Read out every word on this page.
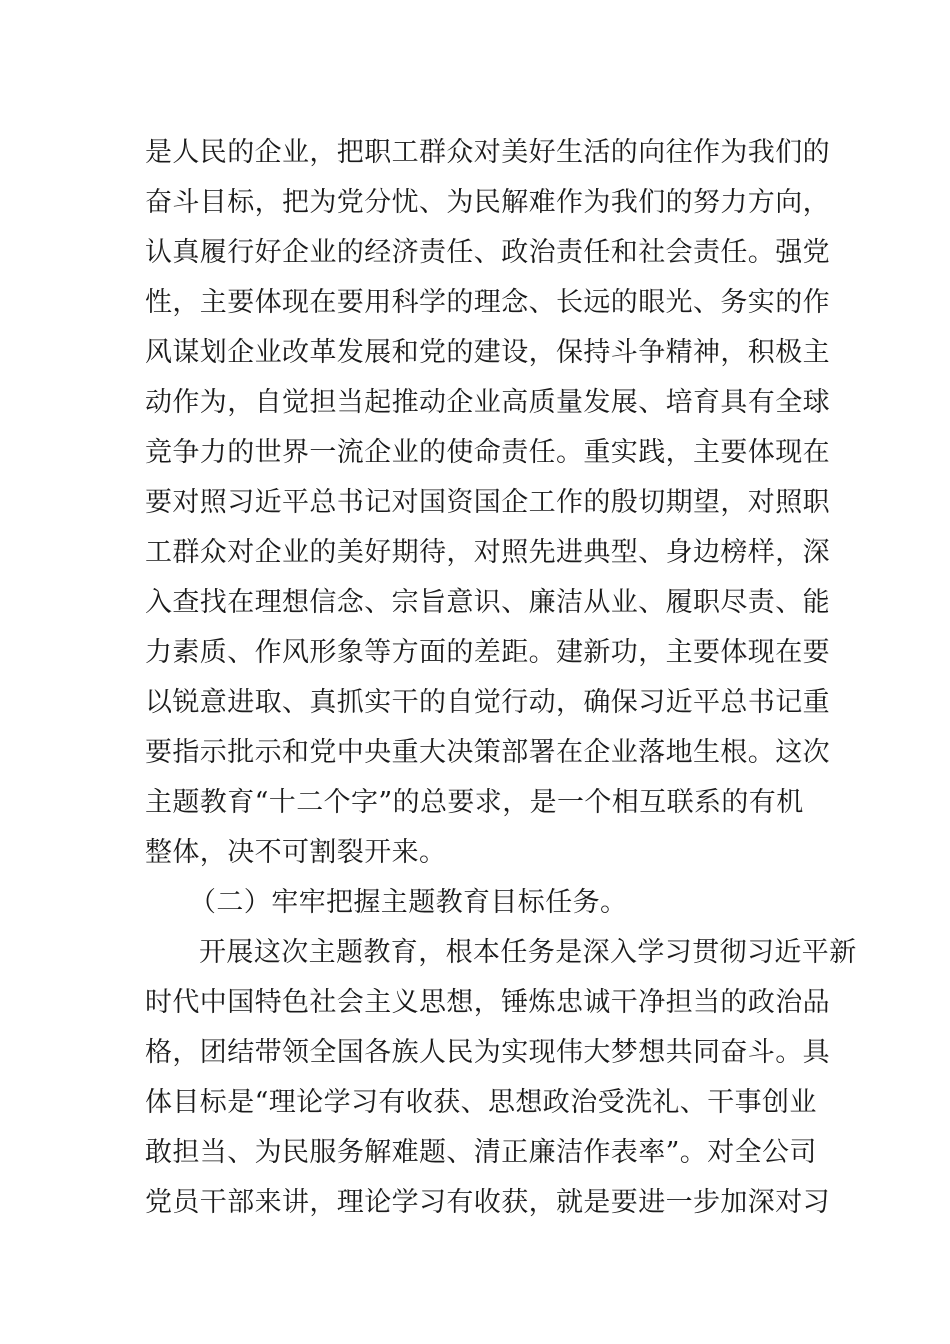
是人民的企业，把职工群众对美好生活的向往作为我们的
奋斗目标，把为党分忧、为民解难作为我们的努力方向，
认真履行好企业的经济责任、政治责任和社会责任。强党
性，主要体现在要用科学的理念、长远的眼光、务实的作
风谋划企业改革发展和党的建设，保持斗争精神，积极主
动作为，自觉担当起推动企业高质量发展、培育具有全球
竞争力的世界一流企业的使命责任。重实践，主要体现在
要对照习近平总书记对国资国企工作的殷切期望，对照职
工群众对企业的美好期待，对照先进典型、身边榜样，深
入查找在理想信念、宗旨意识、廉洁从业、履职尽责、能
力素质、作风形象等方面的差距。建新功，主要体现在要
以锐意进取、真抓实干的自觉行动，确保习近平总书记重
要指示批示和党中央重大决策部署在企业落地生根。这次
主题教育“十二个字”的总要求，是一个相互联系的有机
整体，决不可割裂开来。
（二）牢牢把握主题教育目标任务。
开展这次主题教育，根本任务是深入学习贯彻习近平新
时代中国特色社会主义思想，锤炼忠诚干净担当的政治品
格，团结带领全国各族人民为实现伟大梦想共同奋斗。具
体目标是“理论学习有收获、思想政治受洗礼、干事创业
敢担当、为民服务解难题、清正廉洁作表率”。对全公司
党员干部来讲，理论学习有收获，就是要进一步加深对习
